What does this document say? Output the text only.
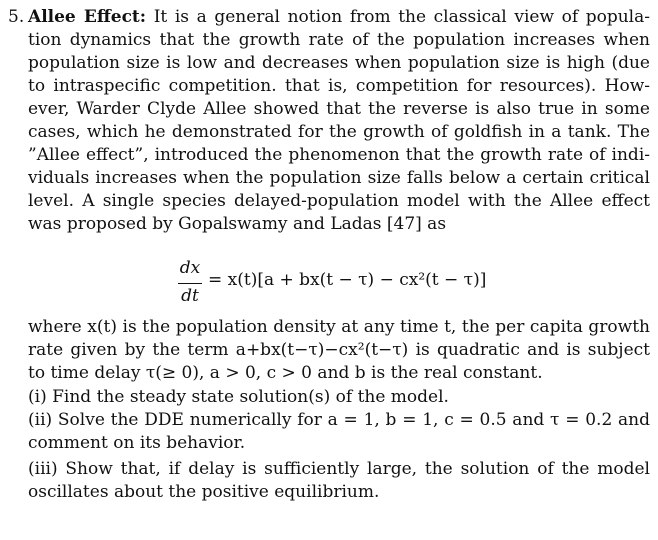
5. Allee Effect: It is a general notion from the classical view of popula-
tion dynamics that the growth rate of the population increases when
population size is low and decreases when population size is high (due
to intraspecific competition. that is, competition for resources). How-
ever, Warder Clyde Allee showed that the reverse is also true in some
cases, which he demonstrated for the growth of goldfish in a tank. The
”Allee effect”, introduced the phenomenon that the growth rate of indi-
viduals increases when the population size falls below a certain critical
level. A single species delayed-population model with the Allee effect
was proposed by Gopalswamy and Ladas [47] as
dx
dt
= x(t)[a + bx(t − τ) − cx²(t − τ)]
where x(t) is the population density at any time t, the per capita growth
rate given by the term a+bx(t−τ)−cx²(t−τ) is quadratic and is subject
to time delay τ(≥ 0), a > 0, c > 0 and b is the real constant.
(i) Find the steady state solution(s) of the model.
(ii) Solve the DDE numerically for a = 1, b = 1, c = 0.5 and τ = 0.2 and
comment on its behavior.
(iii) Show that, if delay is sufficiently large, the solution of the model
oscillates about the positive equilibrium.
